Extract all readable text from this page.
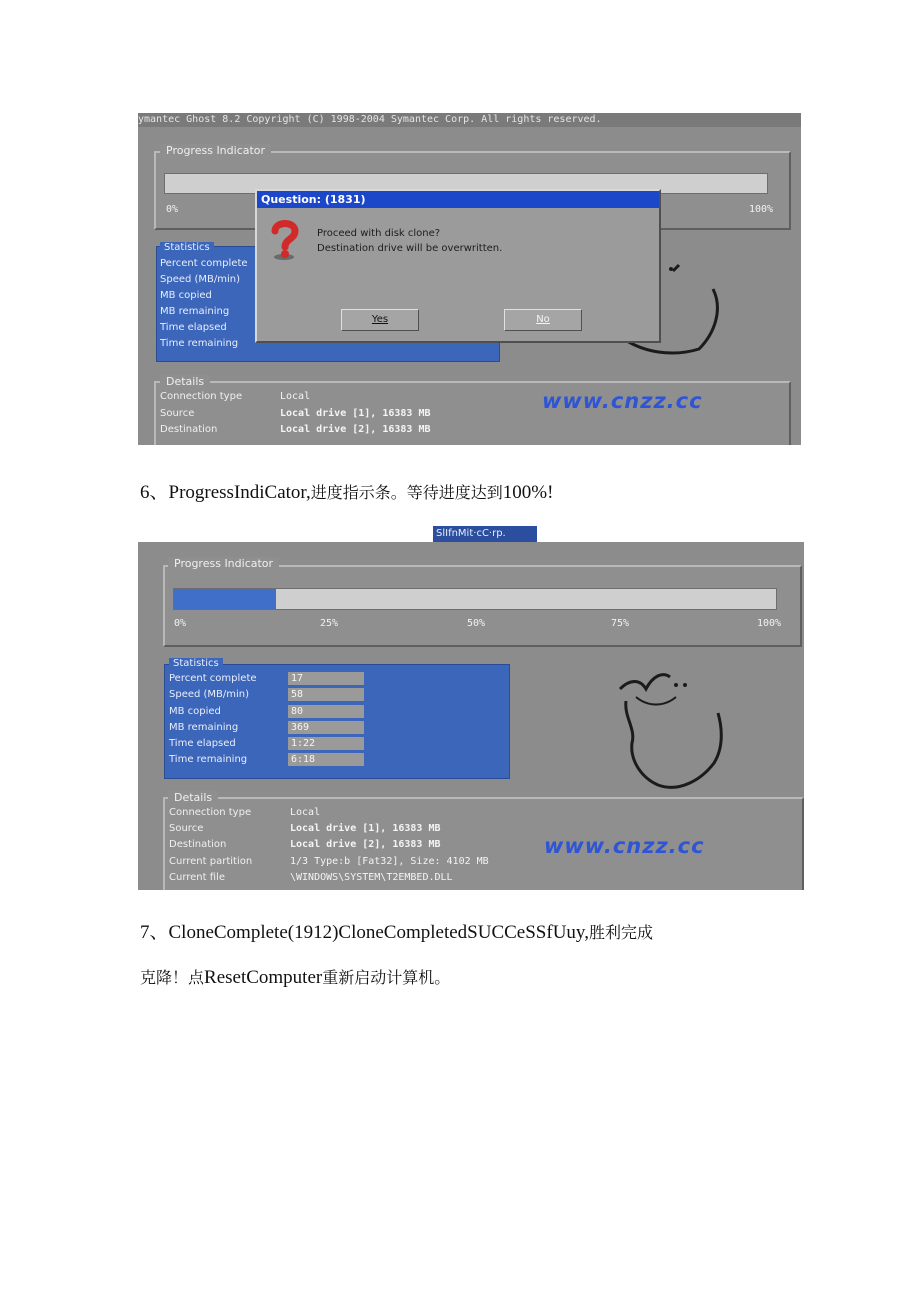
ymantec Ghost 8.2 Copyright (C) 1998-2004 Symantec Corp. All rights reserved.
Progress Indicator
0%	100%
Statistics
Percent complete
Speed (MB/min)
MB copied
MB remaining
Time elapsed
Time remaining
Details
Connection type	Local
Source	Local drive [1], 16383 MB
Destination	Local drive [2], 16383 MB
www.cnzz.cc
Question: (1831)
Proceed with disk clone?
Destination drive will be overwritten.
Yes	No
6、ProgressIndiCator,进度指示条。等待进度达到100%!
SlIfnMit·cC·rp.
Progress Indicator
0%	25%	50%	75%	100%
Statistics
Percent complete	17
Speed (MB/min)	58
MB copied	80
MB remaining	369
Time elapsed	1:22
Time remaining	6:18
Details
Connection type	Local
Source	Local drive [1], 16383 MB
Destination	Local drive [2], 16383 MB
Current partition	1/3 Type:b [Fat32], Size: 4102 MB
Current file	\WINDOWS\SYSTEM\T2EMBED.DLL
www.cnzz.cc
7、CloneComplete(1912)CloneCompletedSUCCeSSfUuy,胜利完成
克降！点ResetComputer重新启动计算机。
